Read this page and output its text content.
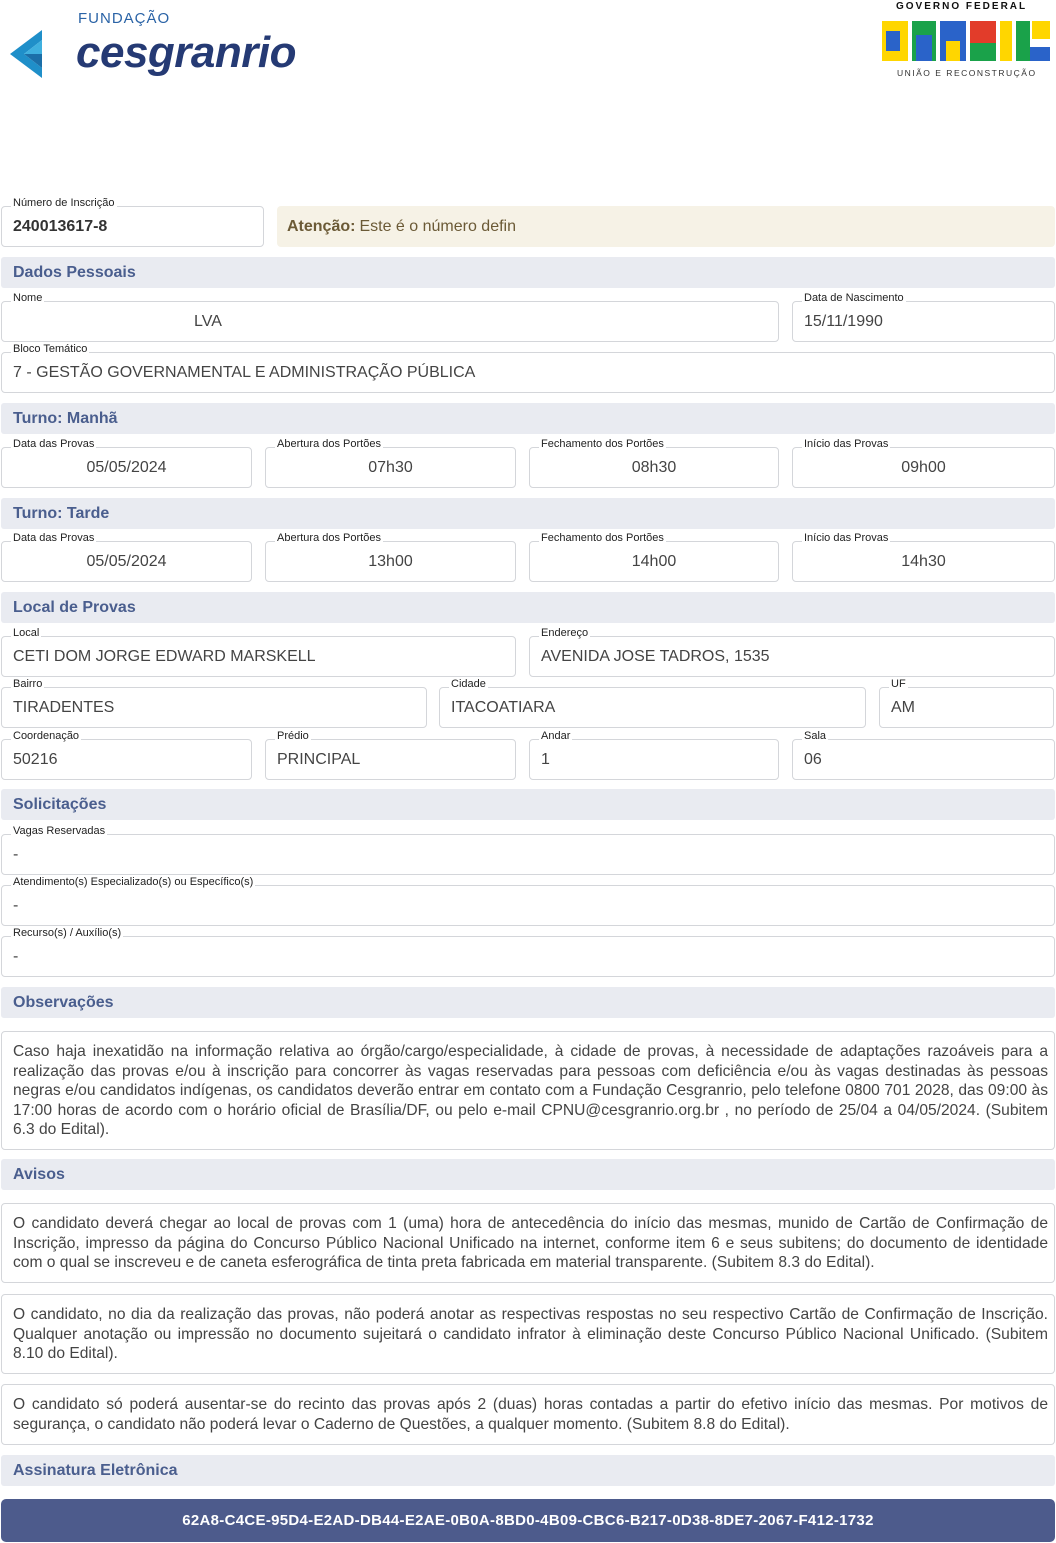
FUNDAÇÃO
cesgranrio
GOVERNO FEDERAL
UNIÃO E RECONSTRUÇÃO
Número de Inscrição
240013617-8	Atenção: Este é o número defin
Dados Pessoais
Nome
LVA
Data de Nascimento
15/11/1990
Bloco Temático
7 - GESTÃO GOVERNAMENTAL E ADMINISTRAÇÃO PÚBLICA
Turno: Manhã
Data das Provas
05/05/2024
Abertura dos Portões
07h30
Fechamento dos Portões
08h30
Início das Provas
09h00
Turno: Tarde
Data das Provas
05/05/2024
Abertura dos Portões
13h00
Fechamento dos Portões
14h00
Início das Provas
14h30
Local de Provas
Local
CETI DOM JORGE EDWARD MARSKELL
Endereço
AVENIDA JOSE TADROS, 1535
Bairro
TIRADENTES
Cidade
ITACOATIARA
UF
AM
Coordenação
50216
Prédio
PRINCIPAL
Andar
1
Sala
06
Solicitações
Vagas Reservadas
-
Atendimento(s) Especializado(s) ou Específico(s)
-
Recurso(s) / Auxílio(s)
-
Observações
Caso haja inexatidão na informação relativa ao órgão/cargo/especialidade, à cidade de provas, à necessidade de adaptações razoáveis para a realização das provas e/ou à inscrição para concorrer às vagas reservadas para pessoas com deficiência e/ou às vagas destinadas às pessoas negras e/ou candidatos indígenas, os candidatos deverão entrar em contato com a Fundação Cesgranrio, pelo telefone 0800 701 2028, das 09:00 às 17:00 horas de acordo com o horário oficial de Brasília/DF, ou pelo e-mail CPNU@cesgranrio.org.br , no período de 25/04 a 04/05/2024. (Subitem 6.3 do Edital).
Avisos
O candidato deverá chegar ao local de provas com 1 (uma) hora de antecedência do início das mesmas, munido de Cartão de Confirmação de Inscrição, impresso da página do Concurso Público Nacional Unificado na internet, conforme item 6 e seus subitens; do documento de identidade com o qual se inscreveu e de caneta esferográfica de tinta preta fabricada em material transparente. (Subitem 8.3 do Edital).
O candidato, no dia da realização das provas, não poderá anotar as respectivas respostas no seu respectivo Cartão de Confirmação de Inscrição. Qualquer anotação ou impressão no documento sujeitará o candidato infrator à eliminação deste Concurso Público Nacional Unificado. (Subitem 8.10 do Edital).
O candidato só poderá ausentar-se do recinto das provas após 2 (duas) horas contadas a partir do efetivo início das mesmas. Por motivos de segurança, o candidato não poderá levar o Caderno de Questões, a qualquer momento. (Subitem 8.8 do Edital).
Assinatura Eletrônica
62A8-C4CE-95D4-E2AD-DB44-E2AE-0B0A-8BD0-4B09-CBC6-B217-0D38-8DE7-2067-F412-1732
